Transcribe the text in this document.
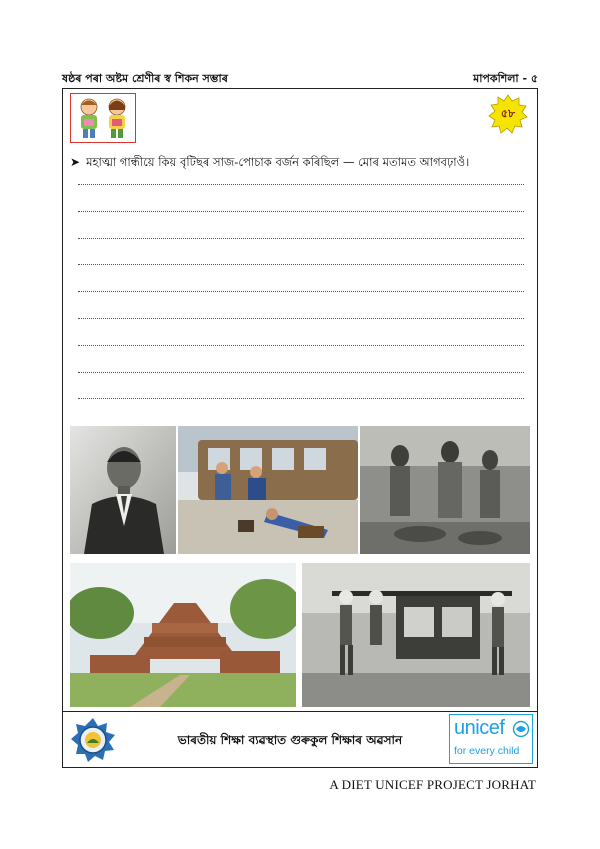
ষষ্ঠৰ পৰা অষ্টম শ্ৰেণীৰ স্ব শিকন সম্ভাৰ	মাপকশিলা - ৫
৫৮
➤ মহাত্মা গান্ধীয়ে কিয় বৃটিছৰ সাজ-পোচাক বৰ্জন কৰিছিল — মোৰ মতামত আগবঢ়াওঁ।
ভাৰতীয় শিক্ষা ব্যৱস্থাত গুৰুকুল শিক্ষাৰ অৱসান
unicef
for every child
A DIET UNICEF PROJECT JORHAT
